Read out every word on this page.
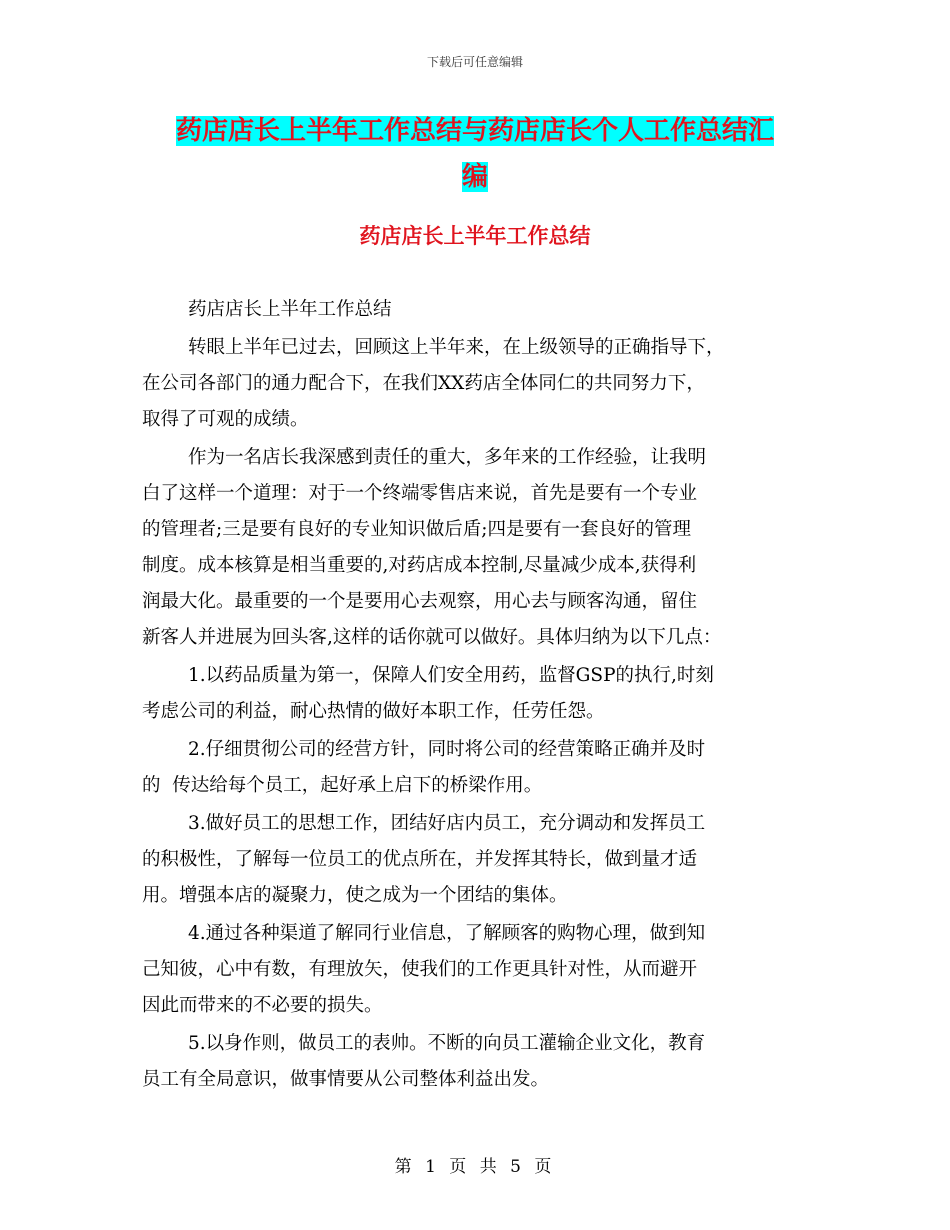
下载后可任意编辑
药店店长上半年工作总结与药店店长个人工作总结汇
编
药店店长上半年工作总结
药店店长上半年工作总结
转眼上半年已过去，回顾这上半年来，在上级领导的正确指导下，
在公司各部门的通力配合下，在我们XX药店全体同仁的共同努力下，
取得了可观的成绩。
作为一名店长我深感到责任的重大，多年来的工作经验，让我明
白了这样一个道理：对于一个终端零售店来说，首先是要有一个专业
的管理者;三是要有良好的专业知识做后盾;四是要有一套良好的管理
制度。成本核算是相当重要的,对药店成本控制,尽量减少成本,获得利
润最大化。最重要的一个是要用心去观察，用心去与顾客沟通，留住
新客人并进展为回头客,这样的话你就可以做好。具体归纳为以下几点：
1.以药品质量为第一，保障人们安全用药，监督GSP的执行,时刻
考虑公司的利益，耐心热情的做好本职工作，任劳任怨。
2.仔细贯彻公司的经营方针，同时将公司的经营策略正确并及时
的  传达给每个员工，起好承上启下的桥梁作用。
3.做好员工的思想工作，团结好店内员工，充分调动和发挥员工
的积极性，了解每一位员工的优点所在，并发挥其特长，做到量才适
用。增强本店的凝聚力，使之成为一个团结的集体。
4.通过各种渠道了解同行业信息，了解顾客的购物心理，做到知
己知彼，心中有数，有理放矢，使我们的工作更具针对性，从而避开
因此而带来的不必要的损失。
5.以身作则，做员工的表帅。不断的向员工灌输企业文化，教育
员工有全局意识，做事情要从公司整体利益出发。
第 1 页 共 5 页
